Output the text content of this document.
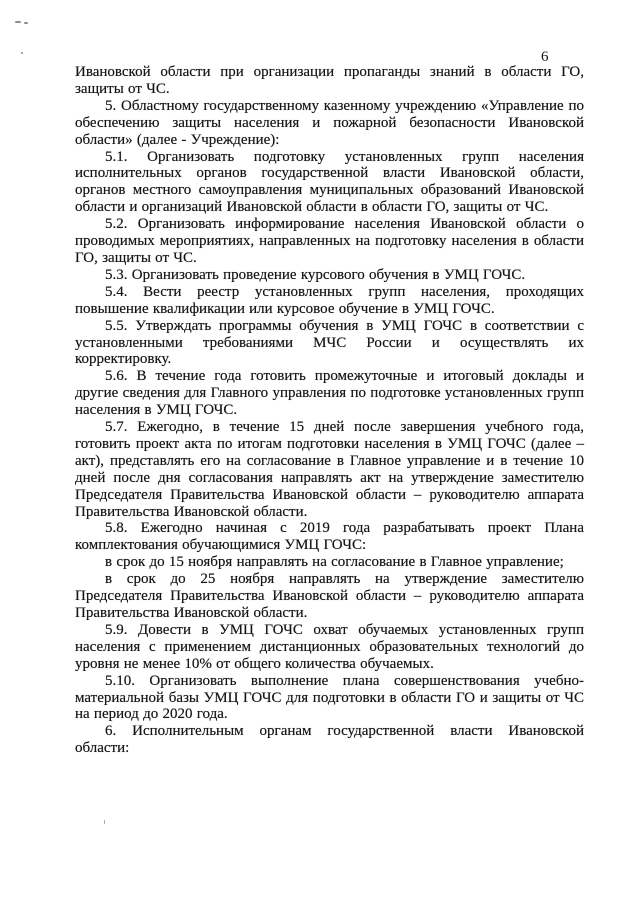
6

Ивановской области при организации пропаганды знаний в области ГО, защиты от ЧС.

5. Областному государственному казенному учреждению «Управление по обеспечению защиты населения и пожарной безопасности Ивановской области» (далее - Учреждение):

5.1. Организовать подготовку установленных групп населения исполнительных органов государственной власти Ивановской области, органов местного самоуправления муниципальных образований Ивановской области и организаций Ивановской области в области ГО, защиты от ЧС.

5.2. Организовать информирование населения Ивановской области о проводимых мероприятиях, направленных на подготовку населения в области ГО, защиты от ЧС.

5.3. Организовать проведение курсового обучения в УМЦ ГОЧС.

5.4. Вести реестр установленных групп населения, проходящих повышение квалификации или курсовое обучение в УМЦ ГОЧС.

5.5. Утверждать программы обучения в УМЦ ГОЧС в соответствии с установленными требованиями МЧС России и осуществлять их корректировку.

5.6. В течение года готовить промежуточные и итоговый доклады и другие сведения для Главного управления по подготовке установленных групп населения в УМЦ ГОЧС.

5.7. Ежегодно, в течение 15 дней после завершения учебного года, готовить проект акта по итогам подготовки населения в УМЦ ГОЧС (далее – акт), представлять его на согласование в Главное управление и в течение 10 дней после дня согласования направлять акт на утверждение заместителю Председателя Правительства Ивановской области – руководителю аппарата Правительства Ивановской области.

5.8. Ежегодно начиная с 2019 года разрабатывать проект Плана комплектования обучающимися УМЦ ГОЧС:

в срок до 15 ноября направлять на согласование в Главное управление;

в срок до 25 ноября направлять на утверждение заместителю Председателя Правительства Ивановской области – руководителю аппарата Правительства Ивановской области.

5.9. Довести в УМЦ ГОЧС охват обучаемых установленных групп населения с применением дистанционных образовательных технологий до уровня не менее 10% от общего количества обучаемых.

5.10. Организовать выполнение плана совершенствования учебно-материальной базы УМЦ ГОЧС для подготовки в области ГО и защиты от ЧС на период до 2020 года.

6. Исполнительным органам государственной власти Ивановской области:
